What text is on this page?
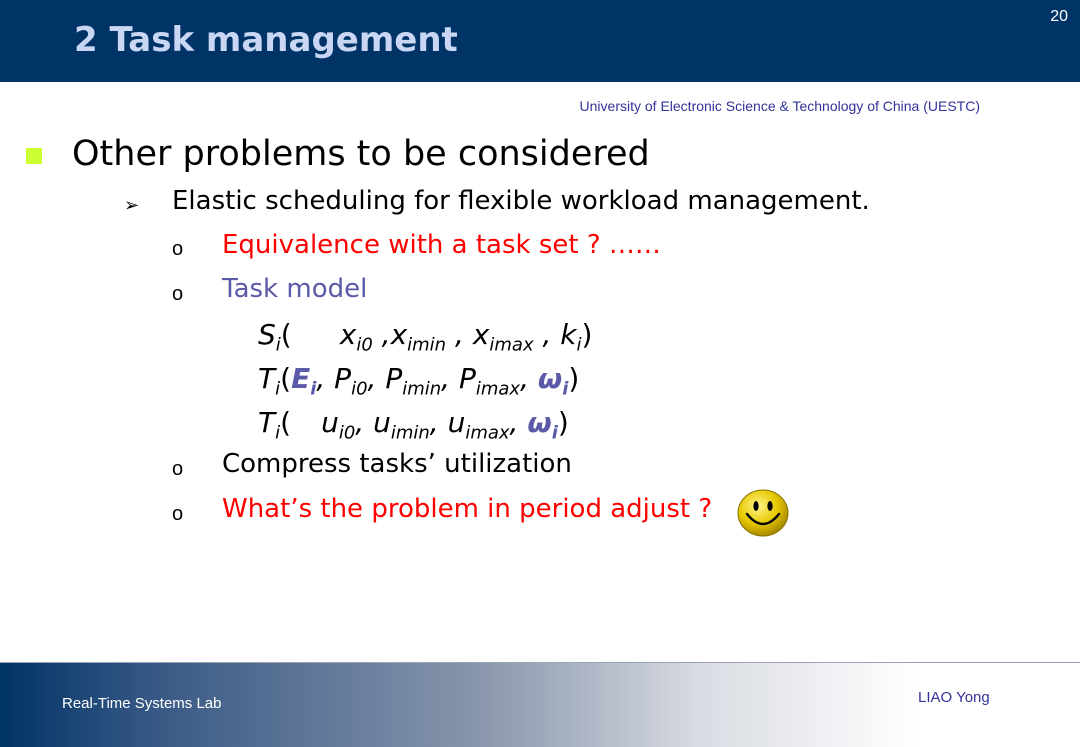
2 Task management
20
University of Electronic Science & Technology of China (UESTC)
Other problems to be considered
➢ Elastic scheduling for flexible workload management.
o Equivalence with a task set ? ……
o Task model
$S_i$( $x_{i0}$ $,x_{imin}$ , $x_{imax}$ , $k_i$)
$T_i(E_i$, $P_{i0}$, $P_{imin}$, $P_{imax}$, $\omega_i$)
$T_i$( $u_{i0}$, $u_{imin}$, $u_{imax}$, $\omega_i$)
o Compress tasks’ utilization
o What’s the problem in period adjust ?
Real-Time Systems Lab	LIAO Yong
